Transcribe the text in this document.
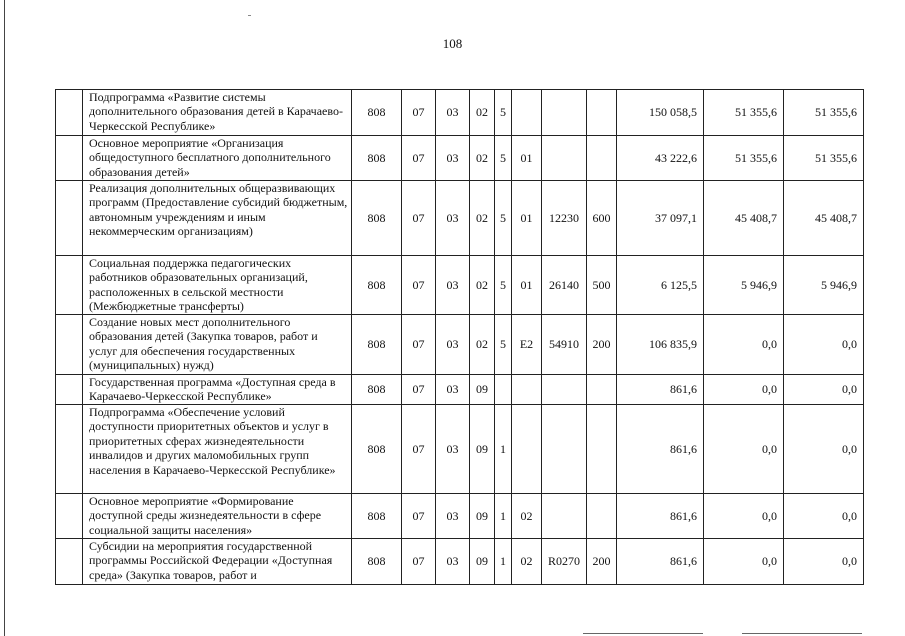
108
	Подпрограмма «Развитие системы дополнительного образования детей в Карачаево-Черкесской Республике»	808	07	03	02	5				150 058,5	51 355,6	51 355,6
	Основное мероприятие «Организация общедоступного бесплатного дополнительного образования детей»	808	07	03	02	5	01			43 222,6	51 355,6	51 355,6
	Реализация дополнительных общеразвивающих программ (Предоставление субсидий бюджетным, автономным учреждениям и иным некоммерческим организациям)	808	07	03	02	5	01	12230	600	37 097,1	45 408,7	45 408,7
	Социальная поддержка педагогических работников образовательных организаций, расположенных в сельской местности (Межбюджетные трансферты)	808	07	03	02	5	01	26140	500	6 125,5	5 946,9	5 946,9
	Создание новых мест дополнительного образования детей (Закупка товаров, работ и услуг для обеспечения государственных (муниципальных) нужд)	808	07	03	02	5	E2	54910	200	106 835,9	0,0	0,0
	Государственная программа «Доступная среда в Карачаево-Черкесской Республике»	808	07	03	09					861,6	0,0	0,0
	Подпрограмма «Обеспечение условий доступности приоритетных объектов и услуг в приоритетных сферах жизнедеятельности инвалидов и других маломобильных групп населения в Карачаево-Черкесской Республике»	808	07	03	09	1				861,6	0,0	0,0
	Основное мероприятие «Формирование доступной среды жизнедеятельности в сфере социальной защиты населения»	808	07	03	09	1	02			861,6	0,0	0,0
	Субсидии на мероприятия государственной программы Российской Федерации «Доступная среда» (Закупка товаров, работ и	808	07	03	09	1	02	R0270	200	861,6	0,0	0,0
